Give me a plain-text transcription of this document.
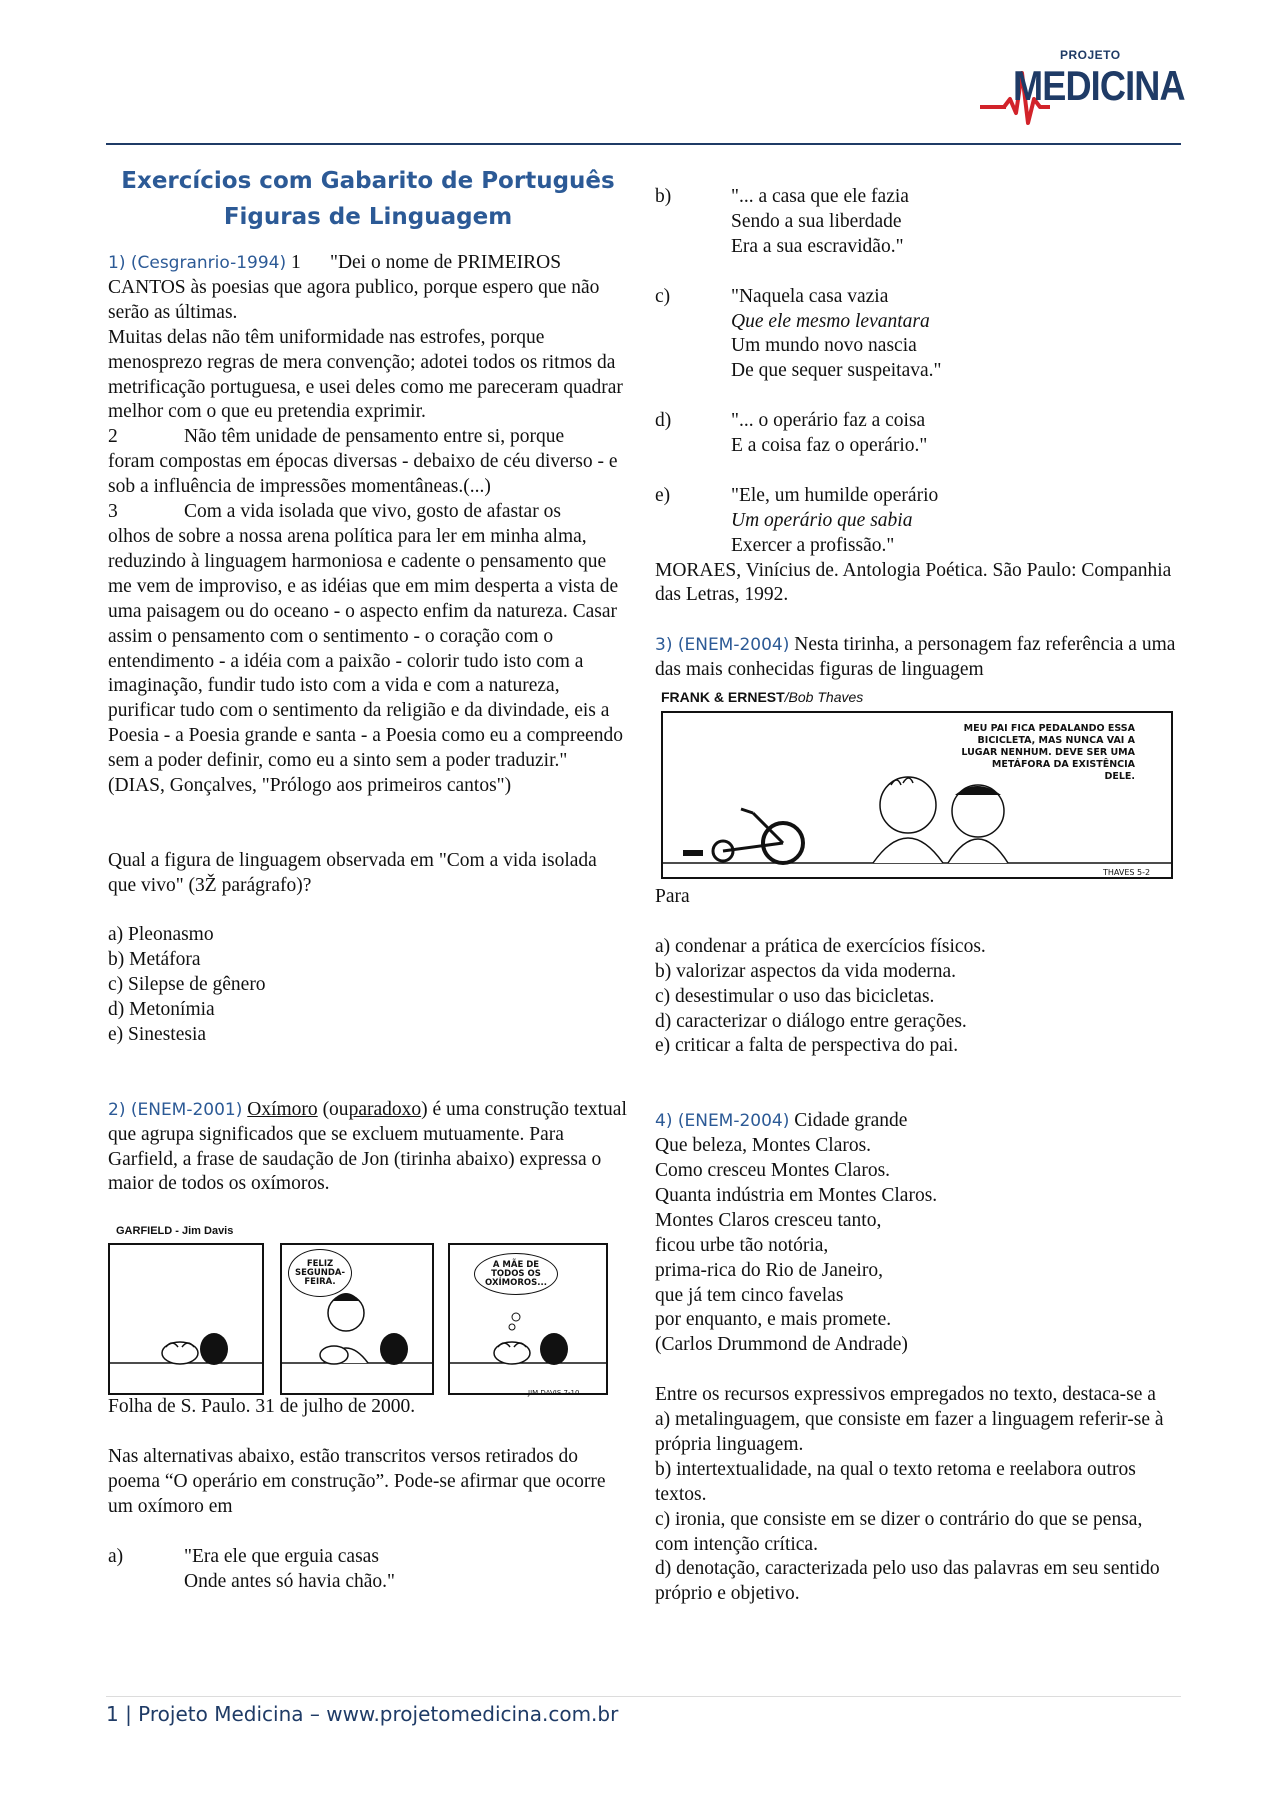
PROJETO
MEDICINA
Exercícios com Gabarito de Português
Figuras de Linguagem

1) (Cesgranrio-1994) 1 "Dei o nome de PRIMEIROS

CANTOS às poesias que agora publico, porque espero que não serão as últimas.

Muitas delas não têm uniformidade nas estrofes, porque menosprezo regras de mera convenção; adotei todos os ritmos da metrificação portuguesa, e usei deles como me pareceram quadrar melhor com o que eu pretendia exprimir.

2	Não têm unidade de pensamento entre si, porque

foram compostas em épocas diversas - debaixo de céu diverso - e sob a influência de impressões momentâneas.(...)

3	Com a vida isolada que vivo, gosto de afastar os

olhos de sobre a nossa arena política para ler em minha alma, reduzindo à linguagem harmoniosa e cadente o pensamento que me vem de improviso, e as idéias que em mim desperta a vista de uma paisagem ou do oceano - o aspecto enfim da natureza. Casar assim o pensamento com o sentimento - o coração com o entendimento - a idéia com a paixão - colorir tudo isto com a imaginação, fundir tudo isto com a vida e com a natureza, purificar tudo com o sentimento da religião e da divindade, eis a Poesia - a Poesia grande e santa - a Poesia como eu a compreendo sem a poder definir, como eu a sinto sem a poder traduzir."

(DIAS, Gonçalves, "Prólogo aos primeiros cantos")

Qual a figura de linguagem observada em "Com a vida isolada que vivo" (3Ž parágrafo)?

a) Pleonasmo

b) Metáfora

c) Silepse de gênero

d) Metonímia

e) Sinestesia

2) (ENEM-2001) Oxímoro (ouparadoxo) é uma construção textual que agrupa significados que se excluem mutuamente. Para Garfield, a frase de saudação de Jon (tirinha abaixo) expressa o maior de todos os oxímoros.

GARFIELD - Jim Davis
FELIZ SEGUNDA-FEIRA.
A MÃE DE TODOS OS OXÍMOROS...
JIM DAVIS 7-10

Folha de S. Paulo. 31 de julho de 2000.

Nas alternativas abaixo, estão transcritos versos retirados do poema “O operário em construção”. Pode-se afirmar que ocorre um oxímoro em

a)	"Era ele que erguia casas
Onde antes só havia chão."
b)	"... a casa que ele fazia
Sendo a sua liberdade
Era a sua escravidão."
c)	"Naquela casa vazia
Que ele mesmo levantara
Um mundo novo nascia
De que sequer suspeitava."
d)	"... o operário faz a coisa
E a coisa faz o operário."
e)	"Ele, um humilde operário
Um operário que sabia
Exercer a profissão."

MORAES, Vinícius de. Antologia Poética. São Paulo: Companhia das Letras, 1992.

3) (ENEM-2004) Nesta tirinha, a personagem faz referência a uma das mais conhecidas figuras de linguagem

FRANK & ERNEST/Bob Thaves
MEU PAI FICA PEDALANDO ESSA BICICLETA, MAS NUNCA VAI A LUGAR NENHUM. DEVE SER UMA METÁFORA DA EXISTÊNCIA DELE.
THAVES 5-2

Para

a) condenar a prática de exercícios físicos.

b) valorizar aspectos da vida moderna.

c) desestimular o uso das bicicletas.

d) caracterizar o diálogo entre gerações.

e) criticar a falta de perspectiva do pai.

4) (ENEM-2004) Cidade grande

Que beleza, Montes Claros.

Como cresceu Montes Claros.

Quanta indústria em Montes Claros.

Montes Claros cresceu tanto,

ficou urbe tão notória,

prima-rica do Rio de Janeiro,

que já tem cinco favelas

por enquanto, e mais promete.

(Carlos Drummond de Andrade)

Entre os recursos expressivos empregados no texto, destaca-se a

a) metalinguagem, que consiste em fazer a linguagem referir-se à própria linguagem.

b) intertextualidade, na qual o texto retoma e reelabora outros textos.

c) ironia, que consiste em se dizer o contrário do que se pensa, com intenção crítica.

d) denotação, caracterizada pelo uso das palavras em seu sentido próprio e objetivo.

1 | Projeto Medicina – www.projetomedicina.com.br
